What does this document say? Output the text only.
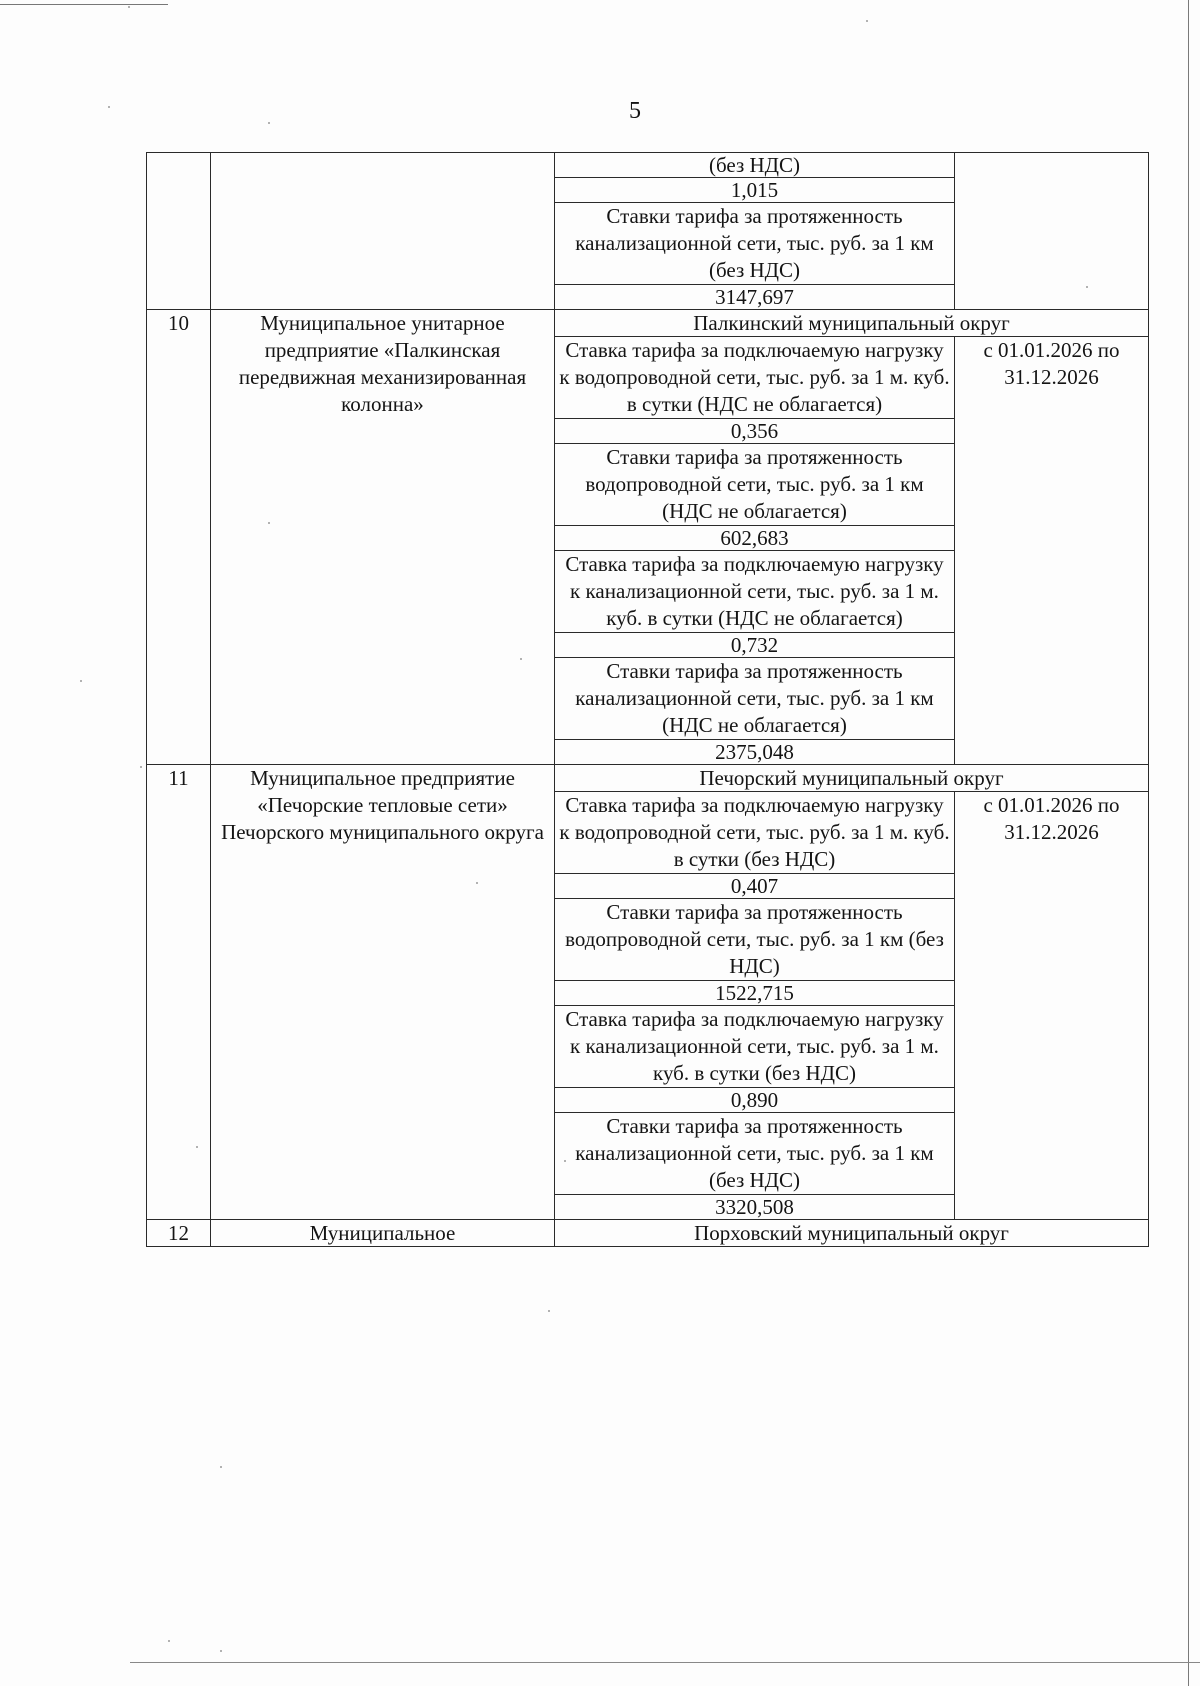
5
		(без НДС)	
		1,015	
		Ставки тарифа за протяженность канализационной сети, тыс. руб. за 1 км (без НДС)	
		3147,697	
10	Муниципальное унитарное предприятие «Палкинская передвижная механизированная колонна»	Палкинский муниципальный округ	
		Ставка тарифа за подключаемую нагрузку к водопроводной сети, тыс. руб. за 1 м. куб. в сутки (НДС не облагается)	с 01.01.2026 по 31.12.2026
		0,356	
		Ставки тарифа за протяженность водопроводной сети, тыс. руб. за 1 км (НДС не облагается)	
		602,683	
		Ставка тарифа за подключаемую нагрузку к канализационной сети, тыс. руб. за 1 м. куб. в сутки (НДС не облагается)	
		0,732	
		Ставки тарифа за протяженность канализационной сети, тыс. руб. за 1 км (НДС не облагается)	
		2375,048	
11	Муниципальное предприятие «Печорские тепловые сети» Печорского муниципального округа	Печорский муниципальный округ	
		Ставка тарифа за подключаемую нагрузку к водопроводной сети, тыс. руб. за 1 м. куб. в сутки (без НДС)	с 01.01.2026 по 31.12.2026
		0,407	
		Ставки тарифа за протяженность водопроводной сети, тыс. руб. за 1 км (без НДС)	
		1522,715	
		Ставка тарифа за подключаемую нагрузку к канализационной сети, тыс. руб. за 1 м. куб. в сутки (без НДС)	
		0,890	
		Ставки тарифа за протяженность канализационной сети, тыс. руб. за 1 км (без НДС)	
		3320,508	
12	Муниципальное	Порховский муниципальный округ	
